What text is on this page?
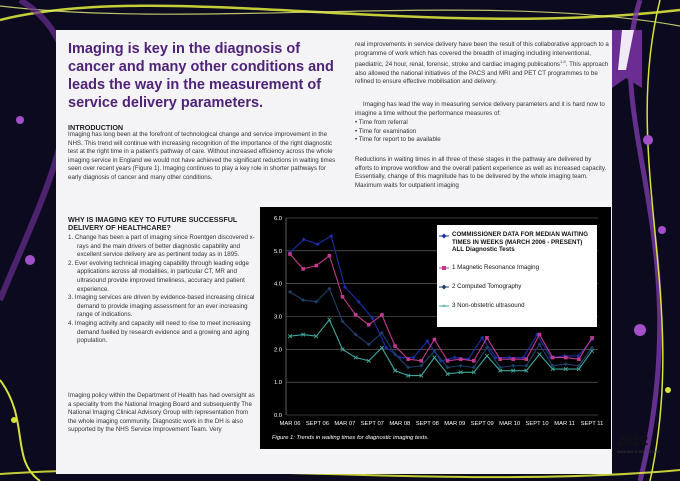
Imaging is key in the diagnosis of cancer and many other conditions and leads the way in the measurement of service delivery parameters.

INTRODUCTION

Imaging has long been at the forefront of technological change and service improvement in the NHS. This trend will continue with increasing recognition of the importance of the right diagnostic test at the right time in a patient's pathway of care. Without increased efficiency across the whole imaging service in England we would not have achieved the significant reductions in waiting times seen over recent years (Figure 1). Imaging continues to play a key role in shorter pathways for early diagnosis of cancer and many other conditions.

WHY IS IMAGING KEY TO FUTURE SUCCESSFUL DELIVERY OF HEALTHCARE?

1. Change has been a part of imaging since Roentgen discovered x-rays and the main drivers of better diagnostic capability and excellent service delivery are as pertinent today as in 1895.
2. Ever evolving technical imaging capability through leading edge applications across all modalities, in particular CT, MR and ultrasound provide improved timeliness, accuracy and patient experience.
3. Imaging services are driven by evidence-based increasing clinical demand to provide imaging assessment for an ever increasing range of indications.
4. Imaging activity and capacity will need to rise to meet increasing demand fuelled by research evidence and a growing and aging population.

Imaging policy within the Department of Health has had oversight as a speciality from the National Imaging Board and subsequently The National Imaging Clinical Advisory Group with representation from the whole imaging community. Diagnostic work in the DH is also supported by the NHS Service Improvement Team. Very

real improvements in service delivery have been the result of this collaborative approach to a programme of work which has covered the breadth of imaging including interventional, paediatric, 24 hour, renal, forensic, stroke and cardiac imaging publications$^{1-5}$. This approach also allowed the national initiatives of the PACS and MRI and PET CT programmes to be refined to ensure effective mobilisation and delivery.

Imaging has lead the way in measuring service delivery parameters and it is hard now to imagine a time without the performance measures of:

• Time from referral
• Time for examination
• Time for report to be available

Reductions in waiting times in all three of these stages in the pathway are delivered by efforts to improve workflow and the overall patient experience as well as increased capacity. Essentially, change of this magnitude has to be delivered by the whole imaging team. Maximum waits for outpatient imaging

0.0
1.0
2.0
3.0
4.0
5.0
6.0
MAR 06 SEPT 06 MAR 07 SEPT 07 MAR 08 SEPT 08 MAR 09 SEPT 09 MAR 10 SEPT 10 MAR 11 SEPT 11
×
COMMISSIONER DATA FOR MEDIAN WAITING TIMES IN WEEKS (MARCH 2006 - PRESENT) ALL Diagnostic Tests
1 Magnetic Resonance Imaging
2 Computed Tomography
3 Non-obstetric ultrasound

Figure 1: Trends in waiting times for diagnostic imaging tests.	2012
IMAGING & ONCOLOGY
